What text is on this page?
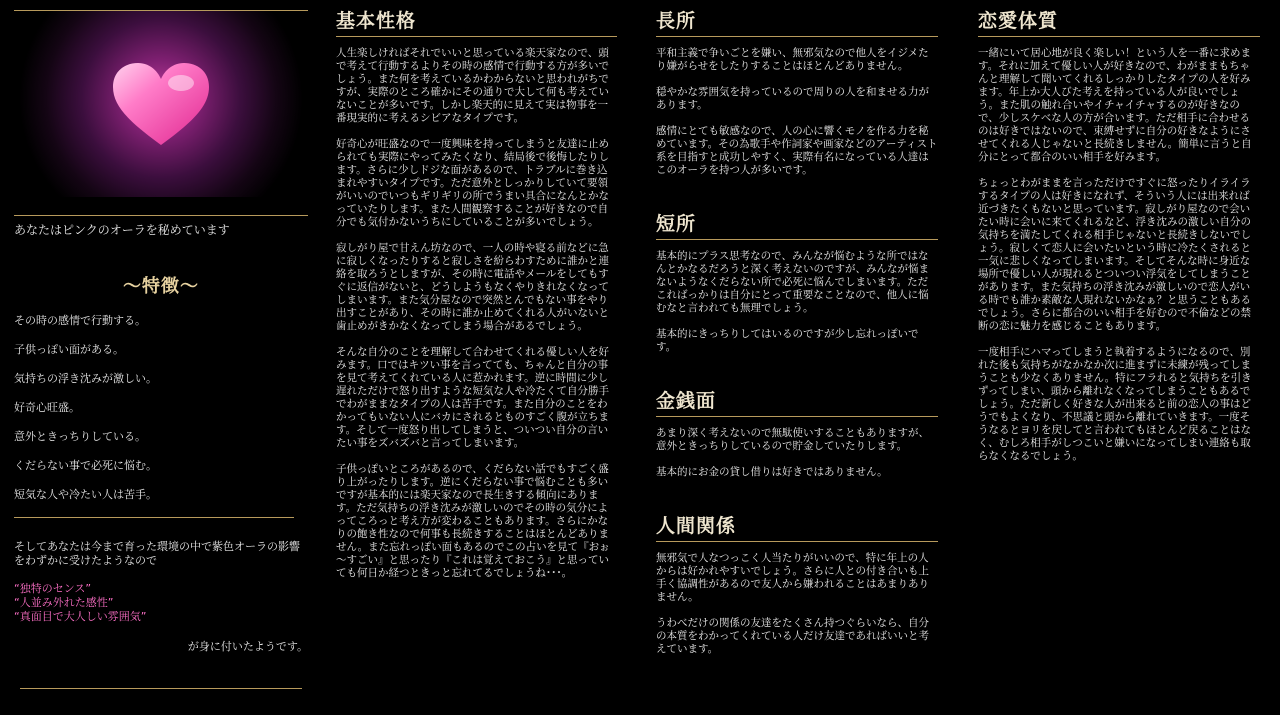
あなたはピンクのオーラを秘めています

～特徴～
その時の感情で行動する。
子供っぽい面がある。
気持ちの浮き沈みが激しい。
好奇心旺盛。
意外ときっちりしている。
くだらない事で必死に悩む。
短気な人や冷たい人は苦手。
そしてあなたは今まで育った環境の中で紫色オーラの影響をわずかに受けたようなので
“独特のセンス”
“人並み外れた感性”
“真面目で大人しい雰囲気”
が身に付いたようです。
基本性格

人生楽しければそれでいいと思っている楽天家なので、頭で考えて行動するよりその時の感情で行動する方が多いでしょう。また何を考えているかわからないと思われがちですが、実際のところ確かにその通りで大して何も考えていないことが多いです。しかし楽天的に見えて実は物事を一番現実的に考えるシビアなタイプです。

好奇心が旺盛なので一度興味を持ってしまうと友達に止められても実際にやってみたくなり、結局後で後悔したりします。さらに少しドジな面があるので、トラブルに巻き込まれやすいタイプです。ただ意外としっかりしていて要領がいいのでいつもギリギリの所でうまい具合になんとかなっていたりします。また人間観察することが好きなので自分でも気付かないうちにしていることが多いでしょう。

寂しがり屋で甘えん坊なので、一人の時や寝る前などに急に寂しくなったりすると寂しさを紛らわすために誰かと連絡を取ろうとしますが、その時に電話やメールをしてもすぐに返信がないと、どうしようもなくやりきれなくなってしまいます。また気分屋なので突然とんでもない事をやり出すことがあり、その時に誰か止めてくれる人がいないと歯止めがきかなくなってしまう場合があるでしょう。

そんな自分のことを理解して合わせてくれる優しい人を好みます。口ではキツい事を言ってても、ちゃんと自分の事を見て考えてくれている人に惹かれます。逆に時間に少し遅れただけで怒り出すような短気な人や冷たくて自分勝手でわがままなタイプの人は苦手です。また自分のことをわかってもいない人にバカにされるとものすごく腹が立ちます。そして一度怒り出してしまうと、ついつい自分の言いたい事をズバズバと言ってしまいます。

子供っぽいところがあるので、くだらない話でもすごく盛り上がったりします。逆にくだらない事で悩むことも多いですが基本的には楽天家なので長生きする傾向にあります。ただ気持ちの浮き沈みが激しいのでその時の気分によってころっと考え方が変わることもあります。さらにかなりの飽き性なので何事も長続きすることはほとんどありません。また忘れっぽい面もあるのでこの占いを見て『おぉ～すごい』と思ったり『これは覚えておこう』と思っていても何日か経つときっと忘れてるでしょうね･･･。

長所

平和主義で争いごとを嫌い、無邪気なので他人をイジメたり嫌がらせをしたりすることはほとんどありません。

穏やかな雰囲気を持っているので周りの人を和ませる力があります。

感情にとても敏感なので、人の心に響くモノを作る力を秘めています。その為歌手や作詞家や画家などのアーティスト系を目指すと成功しやすく、実際有名になっている人達はこのオーラを持つ人が多いです。

短所

基本的にプラス思考なので、みんなが悩むような所ではなんとかなるだろうと深く考えないのですが、みんなが悩まないようなくだらない所で必死に悩んでしまいます。ただこればっかりは自分にとって重要なことなので、他人に悩むなと言われても無理でしょう。

基本的にきっちりしてはいるのですが少し忘れっぽいです。

金銭面

あまり深く考えないので無駄使いすることもありますが、意外ときっちりしているので貯金していたりします。

基本的にお金の貸し借りは好きではありません。

人間関係

無邪気で人なつっこく人当たりがいいので、特に年上の人からは好かれやすいでしょう。さらに人との付き合いも上手く協調性があるので友人から嫌われることはあまりありません。

うわべだけの関係の友達をたくさん持つぐらいなら、自分の本質をわかってくれている人だけ友達であればいいと考えています。

恋愛体質

一緒にいて居心地が良く楽しい！という人を一番に求めます。それに加えて優しい人が好きなので、わがままもちゃんと理解して聞いてくれるしっかりしたタイプの人を好みます。年上か大人びた考えを持っている人が良いでしょう。また肌の触れ合いやイチャイチャするのが好きなので、少しスケベな人の方が合います。ただ相手に合わせるのは好きではないので、束縛せずに自分の好きなようにさせてくれる人じゃないと長続きしません。簡単に言うと自分にとって都合のいい相手を好みます。

ちょっとわがままを言っただけですぐに怒ったりイライラするタイプの人は好きになれず、そういう人には出来れば近づきたくもないと思っています。寂しがり屋なので会いたい時に会いに来てくれるなど、浮き沈みの激しい自分の気持ちを満たしてくれる相手じゃないと長続きしないでしょう。寂しくて恋人に会いたいという時に冷たくされると一気に悲しくなってしまいます。そしてそんな時に身近な場所で優しい人が現れるとついつい浮気をしてしまうことがあります。また気持ちの浮き沈みが激しいので恋人がいる時でも誰か素敵な人現れないかなぁ？と思うこともあるでしょう。さらに都合のいい相手を好むので不倫などの禁断の恋に魅力を感じることもあります。

一度相手にハマってしまうと執着するようになるので、別れた後も気持ちがなかなか次に進まずに未練が残ってしまうことも少なくありません。特にフラれると気持ちを引きずってしまい、頭から離れなくなってしまうこともあるでしょう。ただ新しく好きな人が出来ると前の恋人の事はどうでもよくなり、不思議と頭から離れていきます。一度そうなるとヨリを戻してと言われてもほとんど戻ることはなく、むしろ相手がしつこいと嫌いになってしまい連絡も取らなくなるでしょう。
